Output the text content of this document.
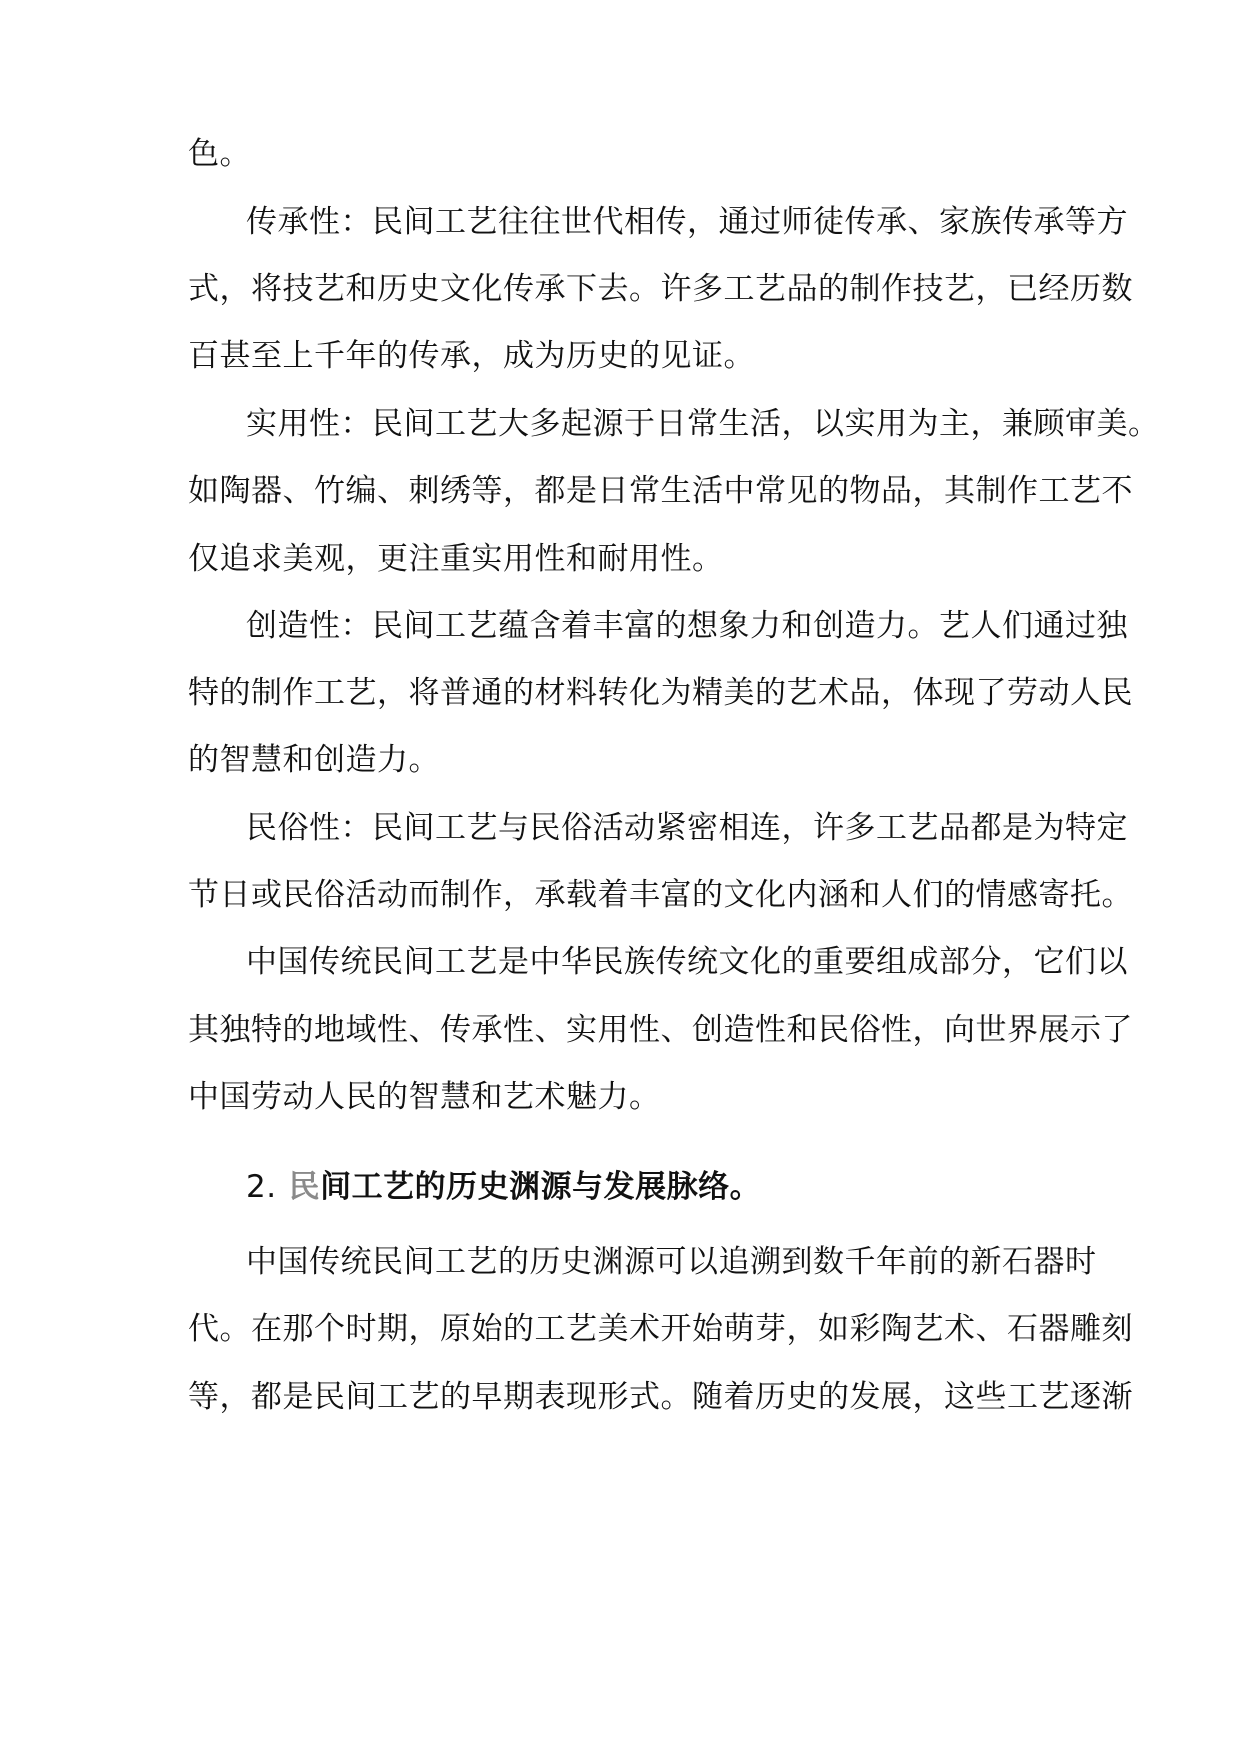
色。
传承性：民间工艺往往世代相传，通过师徒传承、家族传承等方
式，将技艺和历史文化传承下去。许多工艺品的制作技艺，已经历数
百甚至上千年的传承，成为历史的见证。
实用性：民间工艺大多起源于日常生活，以实用为主，兼顾审美。
如陶器、竹编、刺绣等，都是日常生活中常见的物品，其制作工艺不
仅追求美观，更注重实用性和耐用性。
创造性：民间工艺蕴含着丰富的想象力和创造力。艺人们通过独
特的制作工艺，将普通的材料转化为精美的艺术品，体现了劳动人民
的智慧和创造力。
民俗性：民间工艺与民俗活动紧密相连，许多工艺品都是为特定
节日或民俗活动而制作，承载着丰富的文化内涵和人们的情感寄托。
中国传统民间工艺是中华民族传统文化的重要组成部分，它们以
其独特的地域性、传承性、实用性、创造性和民俗性，向世界展示了
中国劳动人民的智慧和艺术魅力。
2. 民间工艺的历史渊源与发展脉络。
中国传统民间工艺的历史渊源可以追溯到数千年前的新石器时
代。在那个时期，原始的工艺美术开始萌芽，如彩陶艺术、石器雕刻
等，都是民间工艺的早期表现形式。随着历史的发展，这些工艺逐渐
